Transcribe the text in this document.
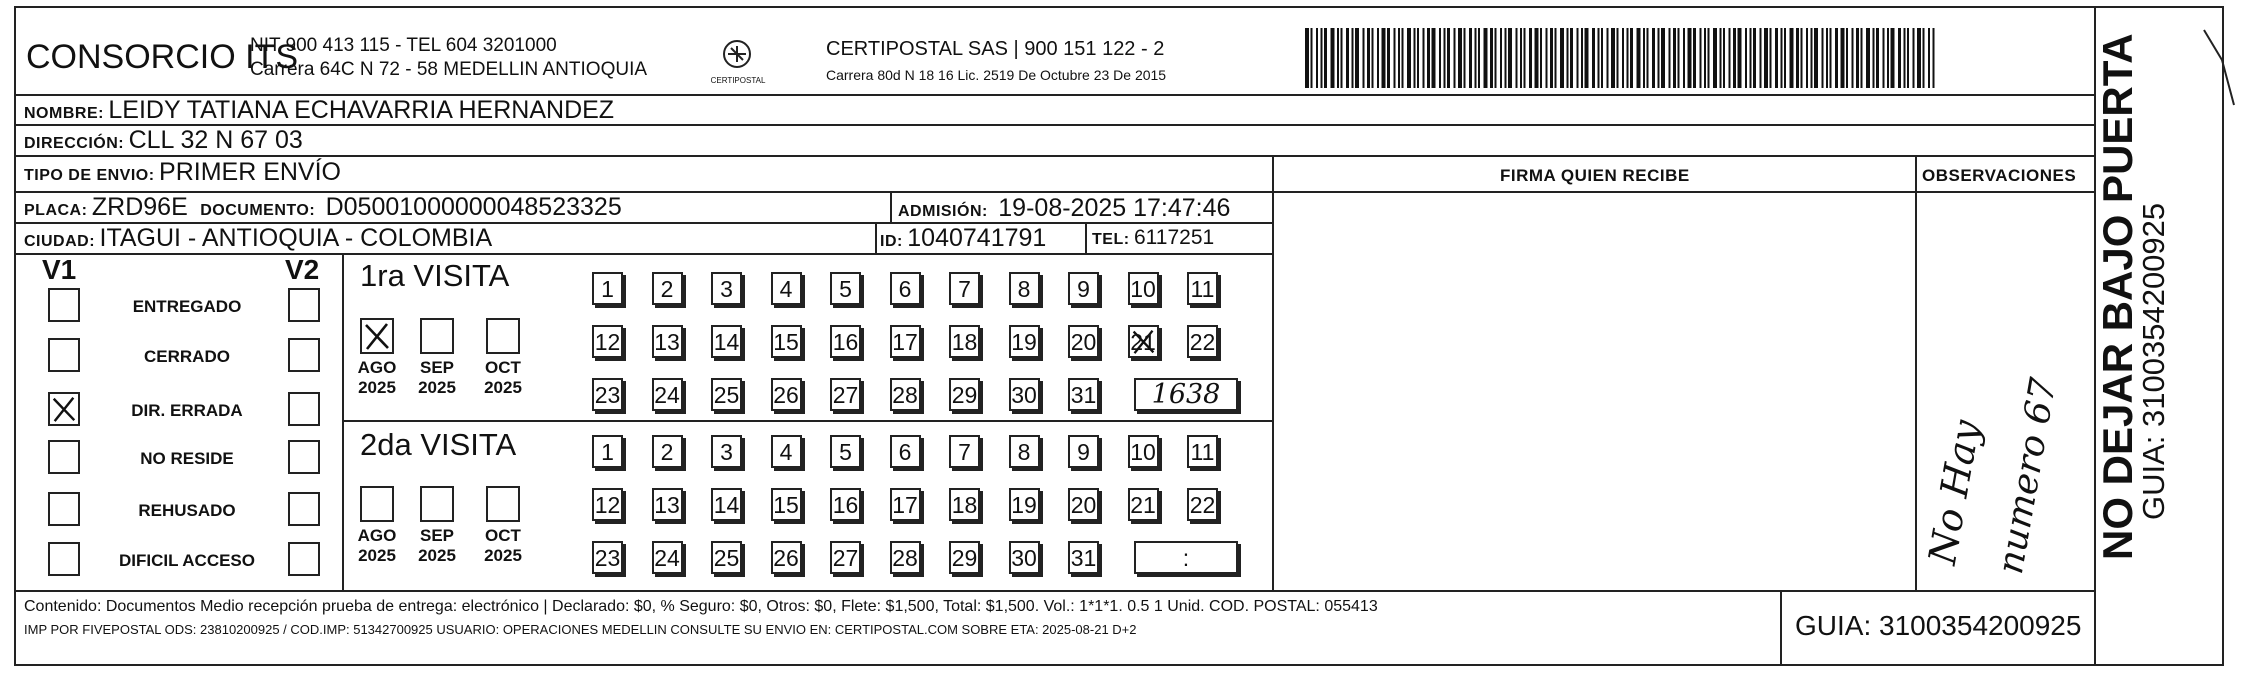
CONSORCIO ITS
NIT 900 413 115 - TEL 604 3201000
Carrera 64C N 72 - 58 MEDELLIN ANTIOQUIA
CERTIPOSTAL
CERTIPOSTAL SAS | 900 151 122 - 2
Carrera 80d N 18 16 Lic. 2519 De Octubre 23 De 2015
NOMBRE: LEIDY TATIANA ECHAVARRIA HERNANDEZ
DIRECCIÓN: CLL 32 N 67 03
TIPO DE ENVIO: PRIMER ENVÍO
PLACA: ZRD96E DOCUMENTO: D05001000000048523325	ADMISIÓN: 19-08-2025 17:47:46
CIUDAD: ITAGUI - ANTIOQUIA - COLOMBIA	ID: 1040741791	TEL: 6117251
FIRMA QUIEN RECIBE	OBSERVACIONES
V1	V2
ENTREGADO
CERRADO
DIR. ERRADA
NO RESIDE
REHUSADO
DIFICIL ACCESO
1ra VISITA
2da VISITA
AGO
2025
SEP
2025
OCT
2025
AGO
2025
SEP
2025
OCT
2025
1	2	3	4	5	6	7	8	9	10 11
12 13 14 15 16 17 18 19 20 21 22
23 24 25 26 27 28 29 30 31
1	2	3	4	5	6	7	8	9	10 11
12 13 14 15 16 17 18 19 20 21 22
23 24 25 26 27 28 29 30 31
1638
:	No Hay numero 67 NO DEJAR BAJO PUERTA
GUIA: 3100354200925
Contenido: Documentos Medio recepción prueba de entrega: electrónico | Declarado: $0, % Seguro: $0, Otros: $0, Flete: $1,500, Total: $1,500. Vol.: 1*1*1. 0.5 1 Unid. COD. POSTAL: 055413
IMP POR FIVEPOSTAL ODS: 23810200925 / COD.IMP: 51342700925 USUARIO: OPERACIONES MEDELLIN CONSULTE SU ENVIO EN: CERTIPOSTAL.COM SOBRE ETA: 2025-08-21 D+2	GUIA: 3100354200925
